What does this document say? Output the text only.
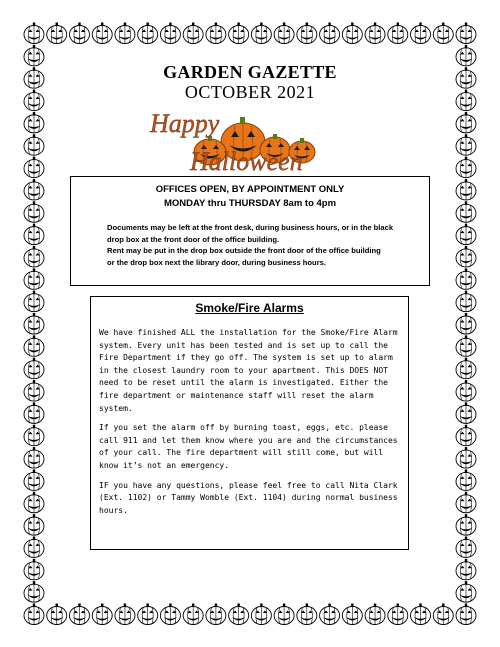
GARDEN GAZETTE
OCTOBER 2021
Happy
Halloween
OFFICES OPEN, BY APPOINTMENT ONLY
MONDAY thru THURSDAY 8am to 4pm
Documents may be left at the front desk, during business hours, or in the black
drop box at the front door of the office building.
Rent may be put in the drop box outside the front door of the office building
or the drop box next the library door, during business hours.
Smoke/Fire Alarms

We have finished ALL the installation for the Smoke/Fire Alarm system. Every unit has been tested and is set up to call the Fire Department if they go off. The system is set up to alarm in the closest laundry room to your apartment. This DOES NOT need to be reset until the alarm is investigated. Either the fire department or maintenance staff will reset the alarm system.

If you set the alarm off by burning toast, eggs, etc. please call 911 and let them know where you are and the circumstances of your call. The fire department will still come, but will know it’s not an emergency.

IF you have any questions, please feel free to call Nita Clark (Ext. 1102) or Tammy Womble (Ext. 1104) during normal business hours.
